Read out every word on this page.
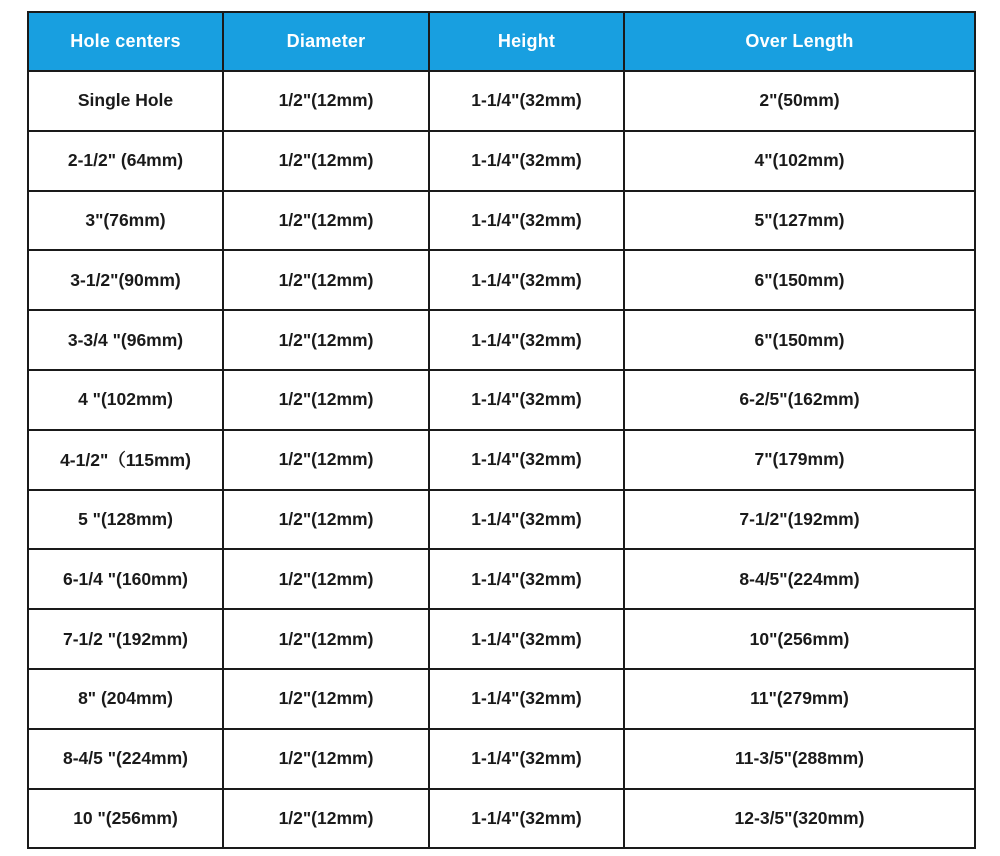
Hole centers	Diameter	Height	Over Length
Single Hole	1/2"(12mm)	1-1/4"(32mm)	2"(50mm)
2-1/2" (64mm)	1/2"(12mm)	1-1/4"(32mm)	4"(102mm)
3"(76mm)	1/2"(12mm)	1-1/4"(32mm)	5"(127mm)
3-1/2"(90mm)	1/2"(12mm)	1-1/4"(32mm)	6"(150mm)
3-3/4 "(96mm)	1/2"(12mm)	1-1/4"(32mm)	6"(150mm)
4 "(102mm)	1/2"(12mm)	1-1/4"(32mm)	6-2/5"(162mm)
4-1/2"（115mm)	1/2"(12mm)	1-1/4"(32mm)	7"(179mm)
5 "(128mm)	1/2"(12mm)	1-1/4"(32mm)	7-1/2"(192mm)
6-1/4 "(160mm)	1/2"(12mm)	1-1/4"(32mm)	8-4/5"(224mm)
7-1/2 "(192mm)	1/2"(12mm)	1-1/4"(32mm)	10"(256mm)
8" (204mm)	1/2"(12mm)	1-1/4"(32mm)	11"(279mm)
8-4/5 "(224mm)	1/2"(12mm)	1-1/4"(32mm)	11-3/5"(288mm)
10 "(256mm)	1/2"(12mm)	1-1/4"(32mm)	12-3/5"(320mm)
